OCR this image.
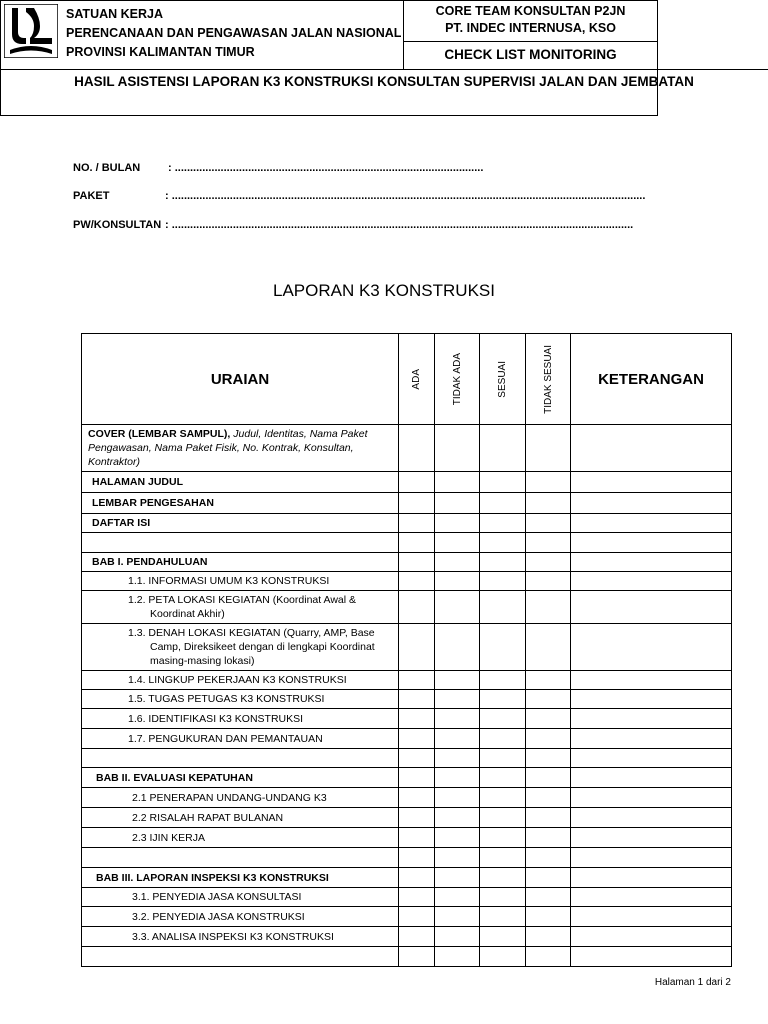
SATUAN KERJA
PERENCANAAN DAN PENGAWASAN JALAN NASIONAL
PROVINSI KALIMANTAN TIMUR
CORE TEAM KONSULTAN P2JN
PT. INDEC INTERNUSA, KSO
CHECK LIST MONITORING
HASIL ASISTENSI LAPORAN K3 KONSTRUKSI KONSULTAN SUPERVISI JALAN DAN JEMBATAN
NO. / BULAN	: .....................................................................................................
PAKET	: ...........................................................................................................................................................
PW/KONSULTAN : .......................................................................................................................................................
LAPORAN K3 KONSTRUKSI
URAIAN	ADA	TIDAK ADA	SESUAI	TIDAK SESUAI	KETERANGAN

COVER (LEMBAR SAMPUL), Judul, Identitas, Nama Paket Pengawasan, Nama Paket Fisik, No. Kontrak, Konsultan, Kontraktor)					

HALAMAN JUDUL					

LEMBAR PENGESAHAN					

DAFTAR ISI					

BAB I. PENDAHULUAN					

1.1. INFORMASI UMUM K3 KONSTRUKSI					

1.2. PETA LOKASI KEGIATAN (Koordinat Awal & Koordinat Akhir)					

1.3. DENAH LOKASI KEGIATAN (Quarry, AMP, Base Camp, Direksikeet dengan di lengkapi Koordinat masing-masing lokasi)					

1.4. LINGKUP PEKERJAAN K3 KONSTRUKSI					

1.5. TUGAS PETUGAS K3 KONSTRUKSI					

1.6. IDENTIFIKASI K3 KONSTRUKSI					

1.7. PENGUKURAN DAN PEMANTAUAN					

BAB II. EVALUASI KEPATUHAN					

2.1 PENERAPAN UNDANG-UNDANG K3					

2.2 RISALAH RAPAT BULANAN					

2.3 IJIN KERJA					

BAB III. LAPORAN INSPEKSI K3 KONSTRUKSI					

3.1. PENYEDIA JASA KONSULTASI					

3.2. PENYEDIA JASA KONSTRUKSI					

3.3. ANALISA INSPEKSI K3 KONSTRUKSI					

Halaman 1 dari 2
